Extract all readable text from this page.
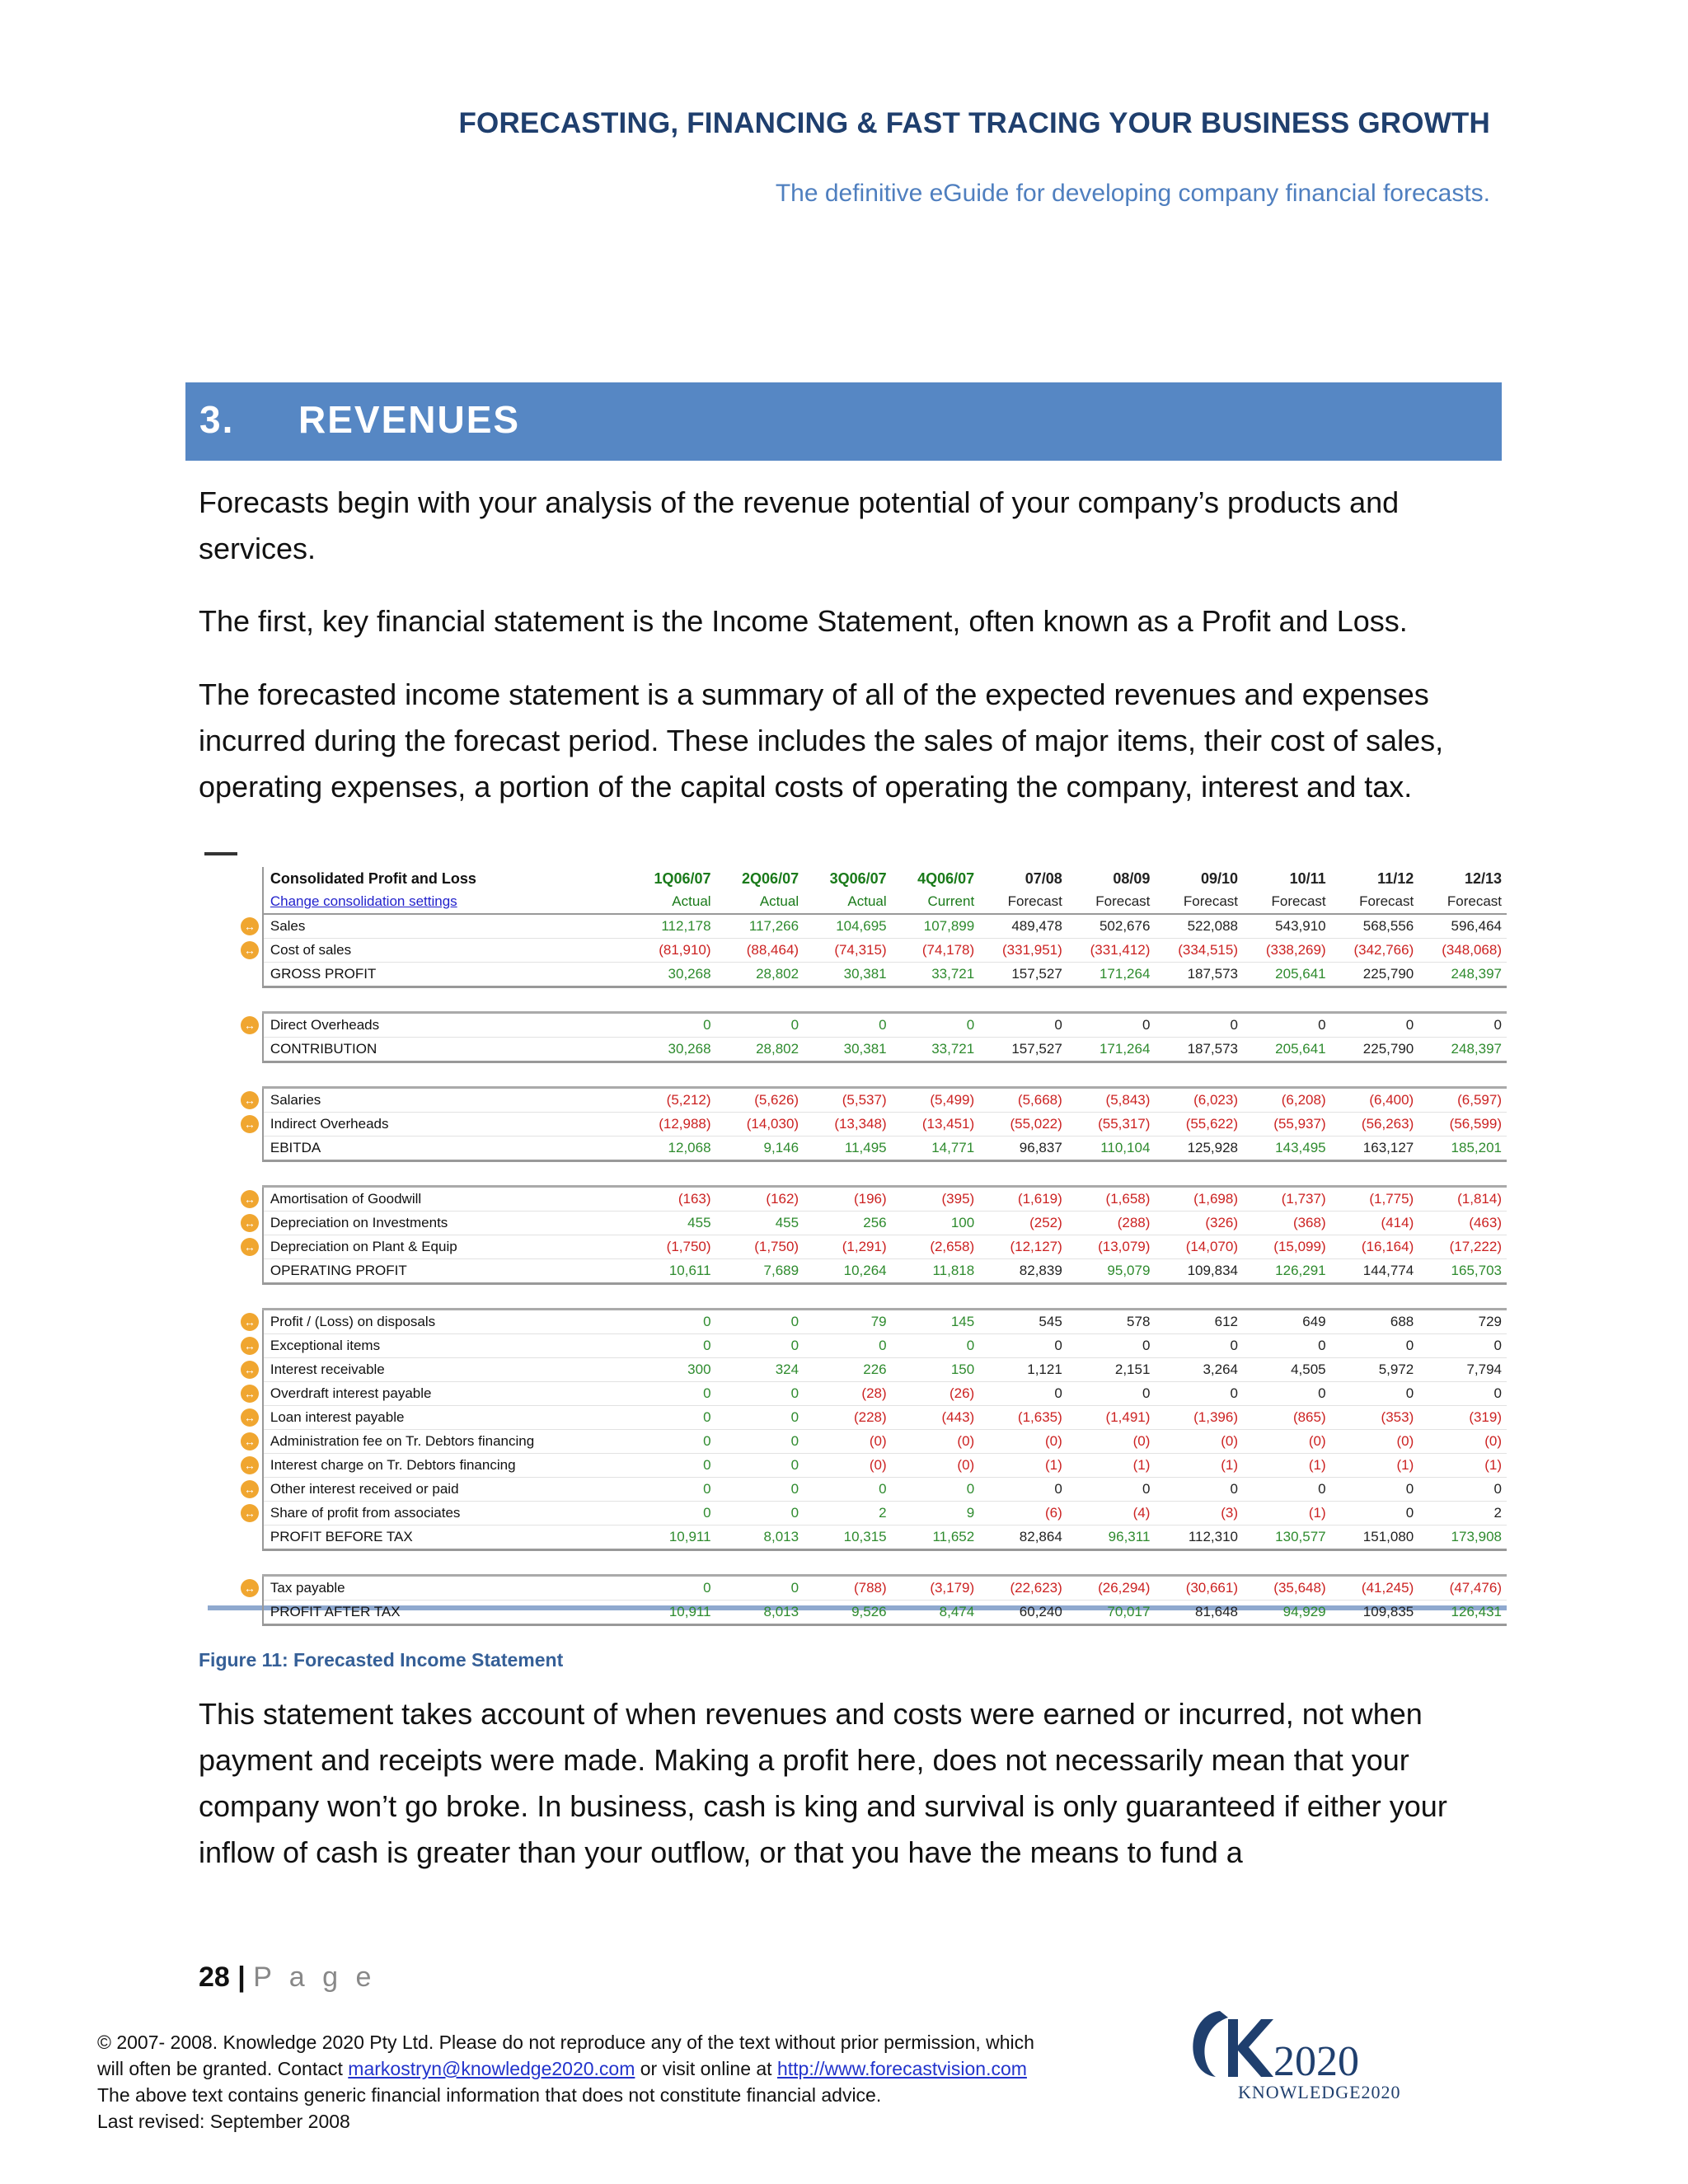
FORECASTING, FINANCING & FAST TRACING YOUR BUSINESS GROWTH
The definitive eGuide for developing company financial forecasts.
3. REVENUES
Forecasts begin with your analysis of the revenue potential of your company’s products and services.
The first, key financial statement is the Income Statement, often known as a Profit and Loss.
The forecasted income statement is a summary of all of the expected revenues and expenses incurred during the forecast period. These includes the sales of major items, their cost of sales, operating expenses, a portion of the capital costs of operating the company, interest and tax.
	Consolidated Profit and Loss	1Q06/07	2Q06/07	3Q06/07	4Q06/07	07/08	08/09	09/10	10/11	11/12	12/13
	Change consolidation settings	Actual	Actual	Actual	Current	Forecast	Forecast	Forecast	Forecast	Forecast	Forecast
↔	Sales	112,178	117,266	104,695	107,899	489,478	502,676	522,088	543,910	568,556	596,464
↔	Cost of sales	(81,910)	(88,464)	(74,315)	(74,178)	(331,951)	(331,412)	(334,515)	(338,269)	(342,766)	(348,068)
	GROSS PROFIT	30,268	28,802	30,381	33,721	157,527	171,264	187,573	205,641	225,790	248,397

↔	Direct Overheads	0	0	0	0	0	0	0	0	0	0
	CONTRIBUTION	30,268	28,802	30,381	33,721	157,527	171,264	187,573	205,641	225,790	248,397

↔	Salaries	(5,212)	(5,626)	(5,537)	(5,499)	(5,668)	(5,843)	(6,023)	(6,208)	(6,400)	(6,597)
↔	Indirect Overheads	(12,988)	(14,030)	(13,348)	(13,451)	(55,022)	(55,317)	(55,622)	(55,937)	(56,263)	(56,599)
	EBITDA	12,068	9,146	11,495	14,771	96,837	110,104	125,928	143,495	163,127	185,201

↔	Amortisation of Goodwill	(163)	(162)	(196)	(395)	(1,619)	(1,658)	(1,698)	(1,737)	(1,775)	(1,814)
↔	Depreciation on Investments	455	455	256	100	(252)	(288)	(326)	(368)	(414)	(463)
↔	Depreciation on Plant & Equip	(1,750)	(1,750)	(1,291)	(2,658)	(12,127)	(13,079)	(14,070)	(15,099)	(16,164)	(17,222)
	OPERATING PROFIT	10,611	7,689	10,264	11,818	82,839	95,079	109,834	126,291	144,774	165,703

↔	Profit / (Loss) on disposals	0	0	79	145	545	578	612	649	688	729
↔	Exceptional items	0	0	0	0	0	0	0	0	0	0
↔	Interest receivable	300	324	226	150	1,121	2,151	3,264	4,505	5,972	7,794
↔	Overdraft interest payable	0	0	(28)	(26)	0	0	0	0	0	0
↔	Loan interest payable	0	0	(228)	(443)	(1,635)	(1,491)	(1,396)	(865)	(353)	(319)
↔	Administration fee on Tr. Debtors financing	0	0	(0)	(0)	(0)	(0)	(0)	(0)	(0)	(0)
↔	Interest charge on Tr. Debtors financing	0	0	(0)	(0)	(1)	(1)	(1)	(1)	(1)	(1)
↔	Other interest received or paid	0	0	0	0	0	0	0	0	0	0
↔	Share of profit from associates	0	0	2	9	(6)	(4)	(3)	(1)	0	2
	PROFIT BEFORE TAX	10,911	8,013	10,315	11,652	82,864	96,311	112,310	130,577	151,080	173,908

↔	Tax payable	0	0	(788)	(3,179)	(22,623)	(26,294)	(30,661)	(35,648)	(41,245)	(47,476)
	PROFIT AFTER TAX	10,911	8,013	9,526	8,474	60,240	70,017	81,648	94,929	109,835	126,431
Figure 11: Forecasted Income Statement
This statement takes account of when revenues and costs were earned or incurred, not when payment and receipts were made. Making a profit here, does not necessarily mean that your company won’t go broke. In business, cash is king and survival is only guaranteed if either your inflow of cash is greater than your outflow, or that you have the means to fund a
28 | P a g e
© 2007- 2008. Knowledge 2020 Pty Ltd. Please do not reproduce any of the text without prior permission, which
will often be granted. Contact markostryn@knowledge2020.com or visit online at http://www.forecastvision.com
The above text contains generic financial information that does not constitute financial advice.
Last revised: September 2008
2020
KNOWLEDGE2020
